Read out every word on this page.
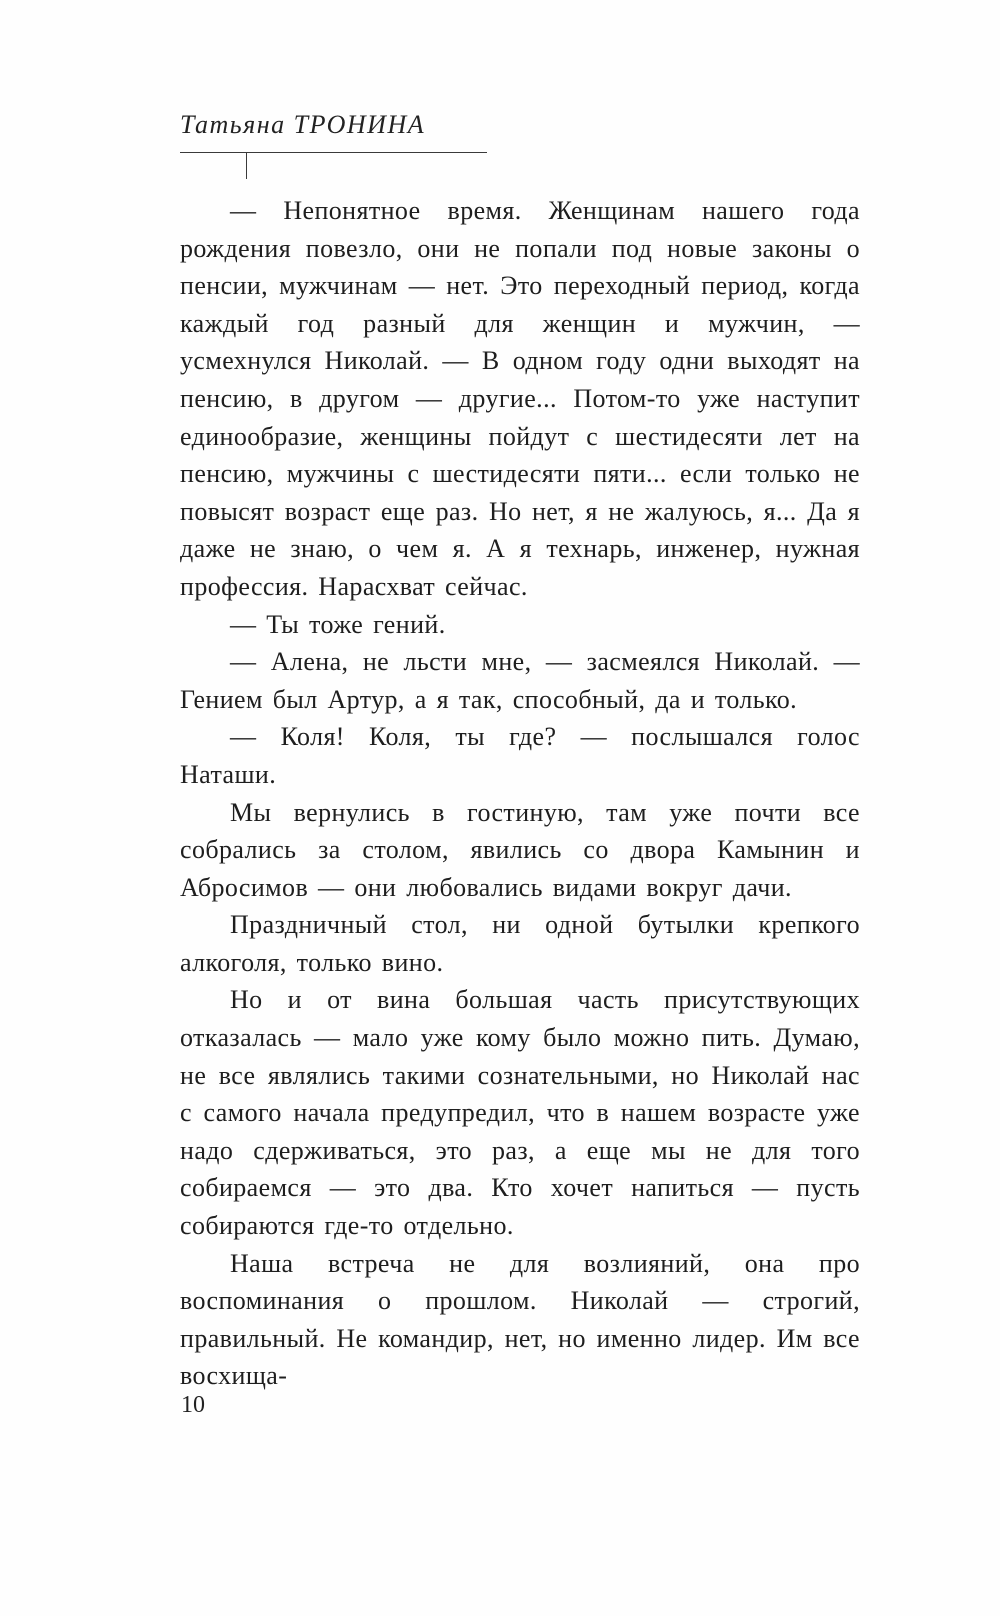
Татьяна ТРОНИНА

— Непонятное время. Женщинам нашего года рождения повезло, они не попали под новые законы о пенсии, мужчинам — нет. Это переходный период, когда каждый год разный для женщин и мужчин, — усмехнулся Николай. — В одном году одни выходят на пенсию, в другом — другие... Потом-то уже наступит единообразие, женщины пойдут с шестидесяти лет на пенсию, мужчины с шестидесяти пяти... если только не повысят возраст еще раз. Но нет, я не жалуюсь, я... Да я даже не знаю, о чем я. А я технарь, инженер, нужная профессия. Нарасхват сейчас.

— Ты тоже гений.

— Алена, не льсти мне, — засмеялся Николай. — Гением был Артур, а я так, способный, да и только.

— Коля! Коля, ты где? — послышался голос Наташи.

Мы вернулись в гостиную, там уже почти все собрались за столом, явились со двора Камынин и Абросимов — они любовались видами вокруг дачи.

Праздничный стол, ни одной бутылки крепкого алкоголя, только вино.

Но и от вина большая часть присутствующих отказалась — мало уже кому было можно пить. Думаю, не все являлись такими сознательными, но Николай нас с самого начала предупредил, что в нашем возрасте уже надо сдерживаться, это раз, а еще мы не для того собираемся — это два. Кто хочет напиться — пусть собираются где-то отдельно.

Наша встреча не для возлияний, она про воспоминания о прошлом. Николай — строгий, правильный. Не командир, нет, но именно лидер. Им все восхища-

10
